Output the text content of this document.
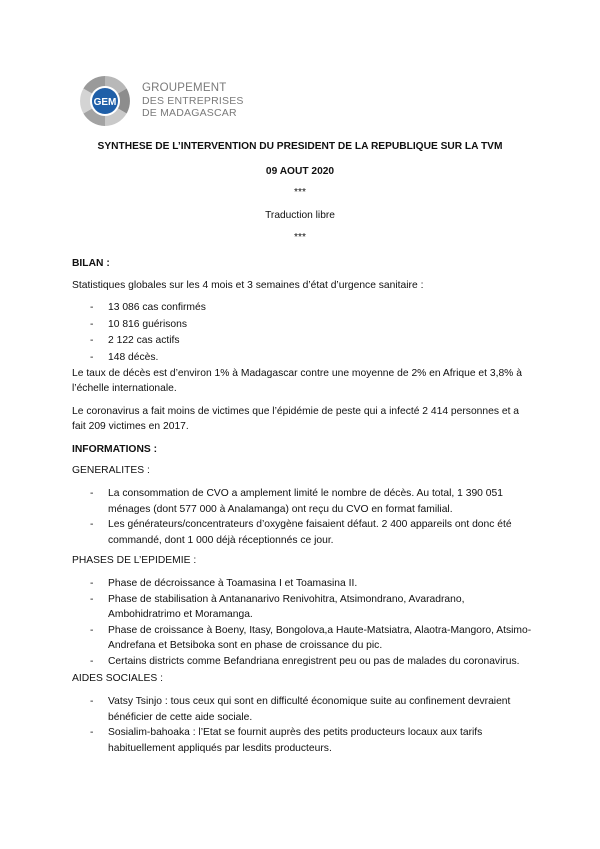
GEM
GROUPEMENT
DES ENTREPRISES
DE MADAGASCAR
SYNTHESE DE L’INTERVENTION DU PRESIDENT DE LA REPUBLIQUE SUR LA TVM
09 AOUT 2020
***
Traduction libre
***
BILAN :
Statistiques globales sur les 4 mois et 3 semaines d’état d’urgence sanitaire :
- 13 086 cas confirmés
- 10 816 guérisons
- 2 122 cas actifs
- 148 décès.
Le taux de décès est d’environ 1% à Madagascar contre une moyenne de 2% en Afrique et 3,8% à l’échelle internationale.
Le coronavirus a fait moins de victimes que l’épidémie de peste qui a infecté 2 414 personnes et a fait 209 victimes en 2017.
INFORMATIONS :
GENERALITES :
- La consommation de CVO a amplement limité le nombre de décès. Au total, 1 390 051 ménages (dont 577 000 à Analamanga) ont reçu du CVO en format familial.
- Les générateurs/concentrateurs d’oxygène faisaient défaut. 2 400 appareils ont donc été commandé, dont 1 000 déjà réceptionnés ce jour.
PHASES DE L’EPIDEMIE :
- Phase de décroissance à Toamasina I et Toamasina II.
- Phase de stabilisation à Antananarivo Renivohitra, Atsimondrano, Avaradrano, Ambohidratrimo et Moramanga.
- Phase de croissance à Boeny, Itasy, Bongolova,a Haute-Matsiatra, Alaotra-Mangoro, Atsimo-Andrefana et Betsiboka sont en phase de croissance du pic.
- Certains districts comme Befandriana enregistrent peu ou pas de malades du coronavirus.
AIDES SOCIALES :
- Vatsy Tsinjo : tous ceux qui sont en difficulté économique suite au confinement devraient bénéficier de cette aide sociale.
- Sosialim-bahoaka : l’Etat se fournit auprès des petits producteurs locaux aux tarifs habituellement appliqués par lesdits producteurs.
